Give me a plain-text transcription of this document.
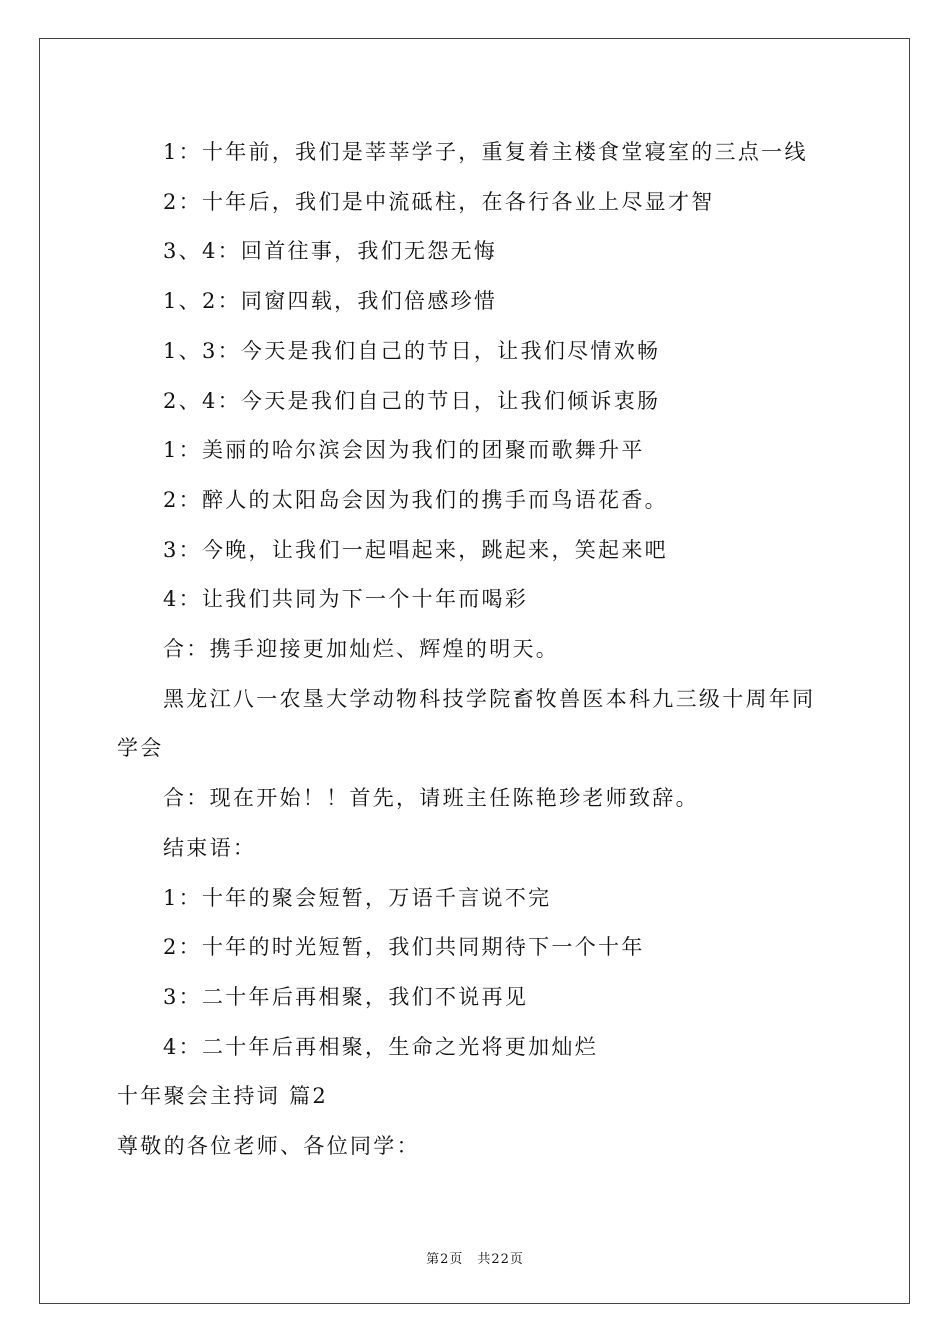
1：十年前，我们是莘莘学子，重复着主楼食堂寝室的三点一线
2：十年后，我们是中流砥柱，在各行各业上尽显才智
3、4：回首往事，我们无怨无悔
1、2：同窗四载，我们倍感珍惜
1、3：今天是我们自己的节日，让我们尽情欢畅
2、4：今天是我们自己的节日，让我们倾诉衷肠
1：美丽的哈尔滨会因为我们的团聚而歌舞升平
2：醉人的太阳岛会因为我们的携手而鸟语花香。
3：今晚，让我们一起唱起来，跳起来，笑起来吧
4：让我们共同为下一个十年而喝彩
合：携手迎接更加灿烂、辉煌的明天。
黑龙江八一农垦大学动物科技学院畜牧兽医本科九三级十周年同学会
合：现在开始！！首先，请班主任陈艳珍老师致辞。
结束语：
1：十年的聚会短暂，万语千言说不完
2：十年的时光短暂，我们共同期待下一个十年
3：二十年后再相聚，我们不说再见
4：二十年后再相聚，生命之光将更加灿烂
十年聚会主持词 篇2
尊敬的各位老师、各位同学：
第2页　共22页
